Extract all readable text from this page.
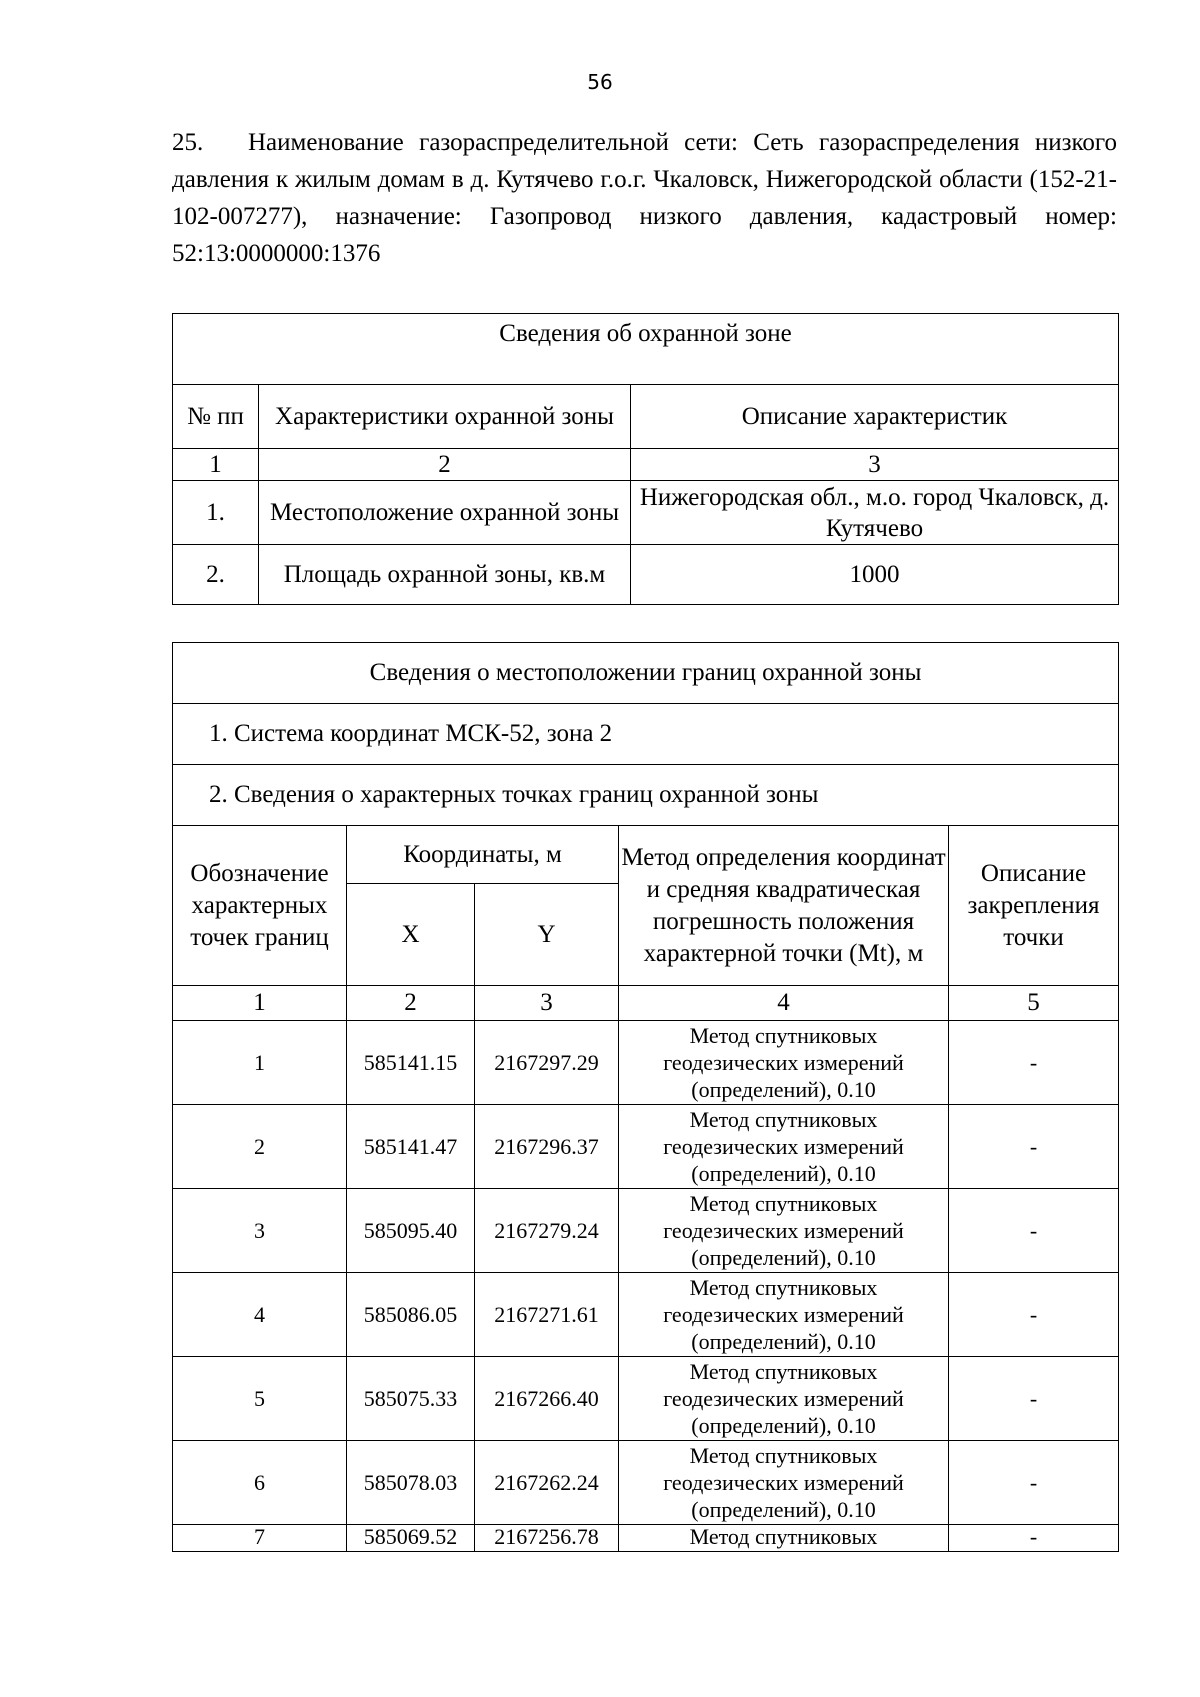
56
25. Наименование газораспределительной сети: Сеть газораспределения низкого давления к жилым домам в д. Кутячево г.о.г. Чкаловск, Нижегородской области (152-21-102-007277), назначение: Газопровод низкого давления, кадастровый номер: 52:13:0000000:1376
Сведения об охранной зоне		
№ пп	Характеристики охранной зоны	Описание характеристик
1	2	3
1.	Местоположение охранной зоны	Нижегородская обл., м.о. город Чкаловск, д. Кутячево
2.	Площадь охранной зоны, кв.м	1000
Сведения о местоположении границ охранной зоны				
1. Система координат МСК-52, зона 2				
2. Сведения о характерных точках границ охранной зоны				
Обозначение характерных точек границ	Координаты, м		Метод определения координат и средняя квадратическая погрешность положения характерной точки (Mt), м	Описание закрепления точки
	X	Y		
1	2	3	4	5
1	585141.15	2167297.29	Метод спутниковых геодезических измерений (определений), 0.10	-
2	585141.47	2167296.37	Метод спутниковых геодезических измерений (определений), 0.10	-
3	585095.40	2167279.24	Метод спутниковых геодезических измерений (определений), 0.10	-
4	585086.05	2167271.61	Метод спутниковых геодезических измерений (определений), 0.10	-
5	585075.33	2167266.40	Метод спутниковых геодезических измерений (определений), 0.10	-
6	585078.03	2167262.24	Метод спутниковых геодезических измерений (определений), 0.10	-
7	585069.52	2167256.78	Метод спутниковых	-
